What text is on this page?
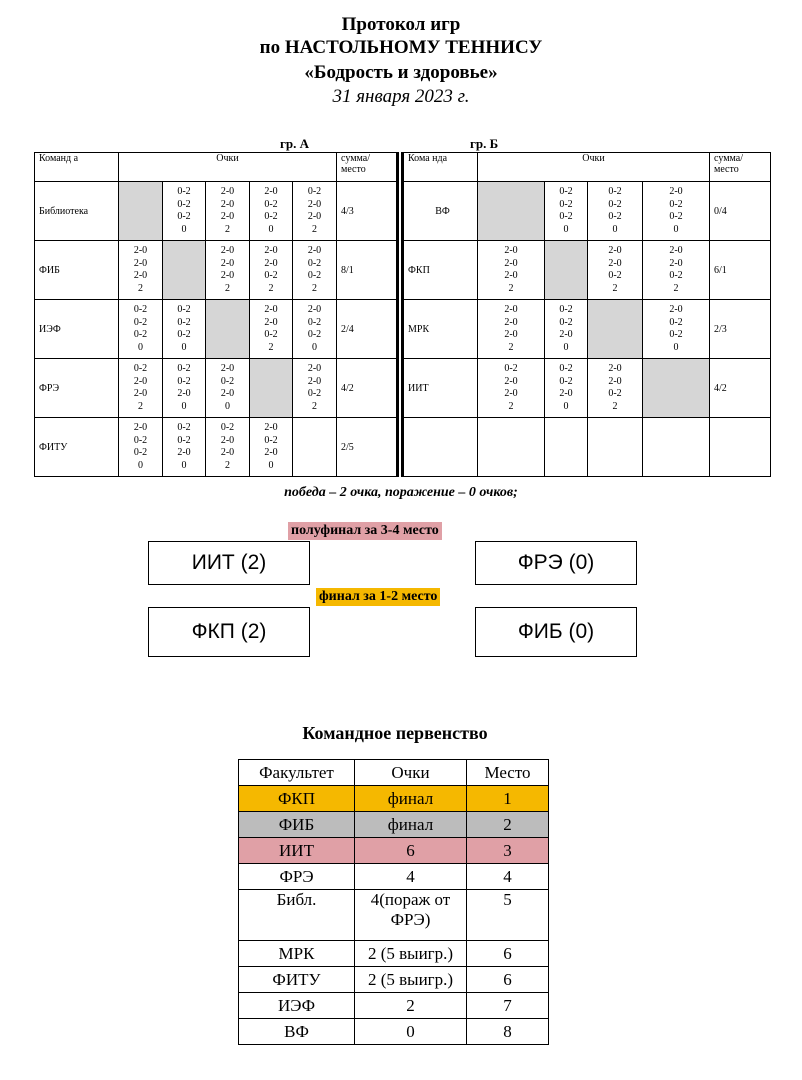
Протокол игр
по НАСТОЛЬНОМУ ТЕННИСУ
«Бодрость и здоровье»
31 января 2023 г.
гр. А	гр. Б
Команд а	Очки					сумма/ место
Библиотека		0-2
0-2
0-2
0	2-0
2-0
2-0
2	2-0
0-2
0-2
0	0-2
2-0
2-0
2	4/3
ФИБ	2-0
2-0
2-0
2		2-0
2-0
2-0
2	2-0
2-0
0-2
2	2-0
0-2
0-2
2	8/1
ИЭФ	0-2
0-2
0-2
0	0-2
0-2
0-2
0		2-0
2-0
0-2
2	2-0
0-2
0-2
0	2/4
ФРЭ	0-2
2-0
2-0
2	0-2
0-2
2-0
0	2-0
0-2
2-0
0		2-0
2-0
0-2
2	4/2
ФИТУ	2-0
0-2
0-2
0	0-2
0-2
2-0
0	0-2
2-0
2-0
2	2-0
0-2
2-0
0		2/5
Кома нда	Очки				сумма/ место
ВФ		0-2
0-2
0-2
0	0-2
0-2
0-2
0	2-0
0-2
0-2
0	0/4
ФКП	2-0
2-0
2-0
2		2-0
2-0
0-2
2	2-0
2-0
0-2
2	6/1
МРК	2-0
2-0
2-0
2	0-2
0-2
2-0
0		2-0
0-2
0-2
0	2/3
ИИТ	0-2
2-0
2-0
2	0-2
0-2
2-0
0	2-0
2-0
0-2
2		4/2

победа – 2 очка, поражение – 0 очков;
полуфинал за 3-4 место
ИИТ (2)	ФРЭ (0)
финал за 1-2 место
ФКП (2)	ФИБ (0)
Командное первенство
Факультет	Очки	Место
ФКП	финал	1
ФИБ	финал	2
ИИТ	6	3
ФРЭ	4	4
Библ.	4(пораж от ФРЭ)	5
МРК	2 (5 выигр.)	6
ФИТУ	2 (5 выигр.)	6
ИЭФ	2	7
ВФ	0	8
